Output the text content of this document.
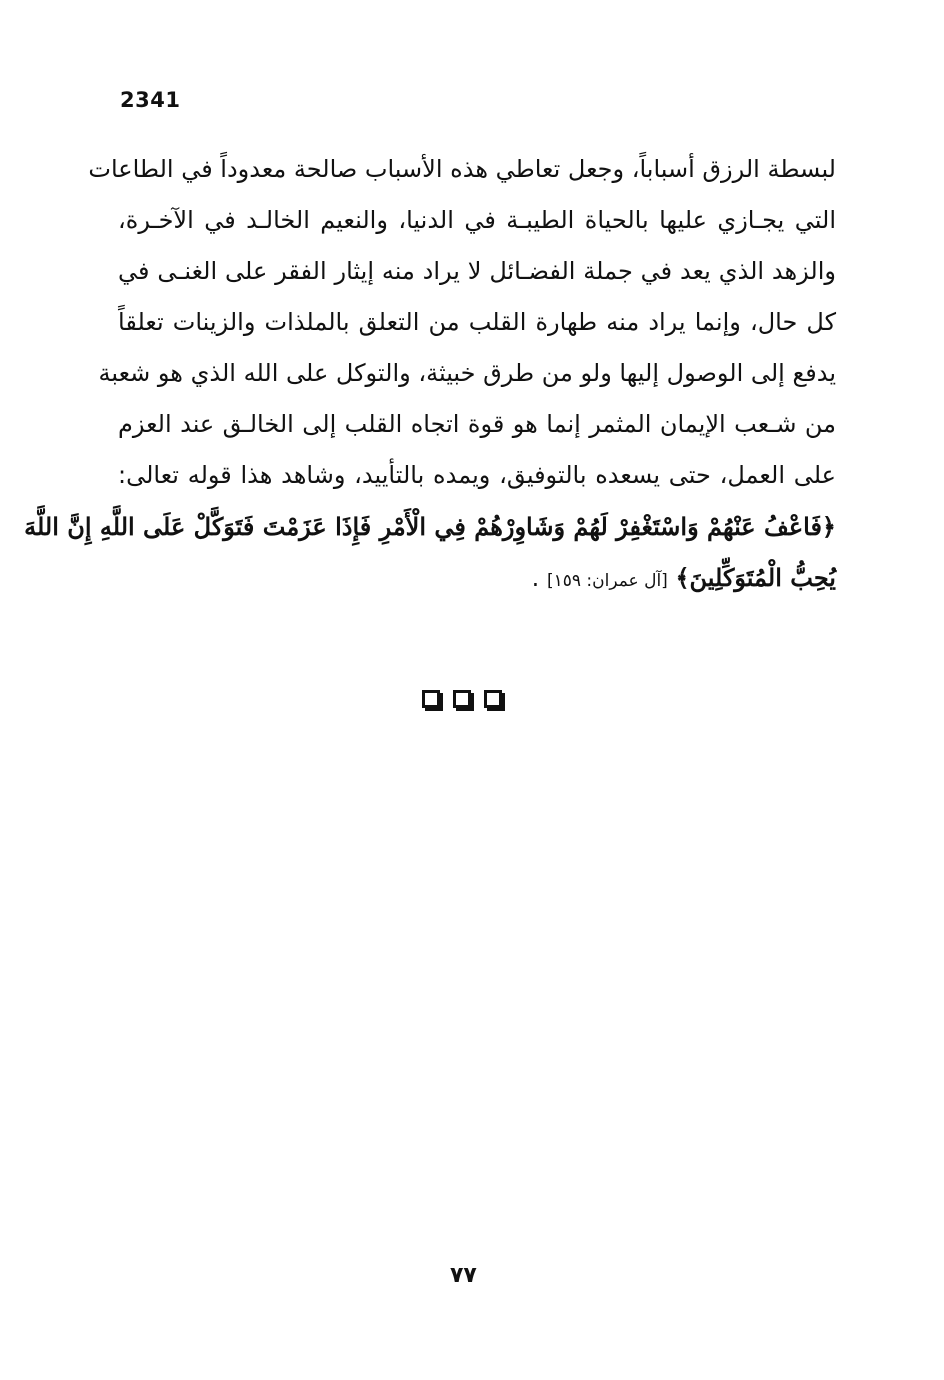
2341
لبسطة الرزق أسباباً، وجعل تعاطي هذه الأسباب صالحة معدوداً في الطاعات
التي يجـازي عليها بالحياة الطيبـة في الدنيا، والنعيم الخالـد في الآخـرة،
والزهد الذي يعد في جملة الفضـائل لا يراد منه إيثار الفقر على الغنـى في
كل حال، وإنما يراد منه طهارة القلب من التعلق بالملذات والزينات تعلقاً
يدفع إلى الوصول إليها ولو من طرق خبيثة، والتوكل على الله الذي هو شعبة
من شـعب الإيمان المثمر إنما هو قوة اتجاه القلب إلى الخالـق عند العزم
على العمل، حتى يسعده بالتوفيق، ويمده بالتأييد، وشاهد هذا قوله تعالى:
﴿فَاعْفُ عَنْهُمْ وَاسْتَغْفِرْ لَهُمْ وَشَاوِرْهُمْ فِي الْأَمْرِ فَإِذَا عَزَمْتَ فَتَوَكَّلْ عَلَى اللَّهِ إِنَّ اللَّهَ
يُحِبُّ الْمُتَوَكِّلِينَ﴾ [آل عمران: ١٥٩] .
٧٧
